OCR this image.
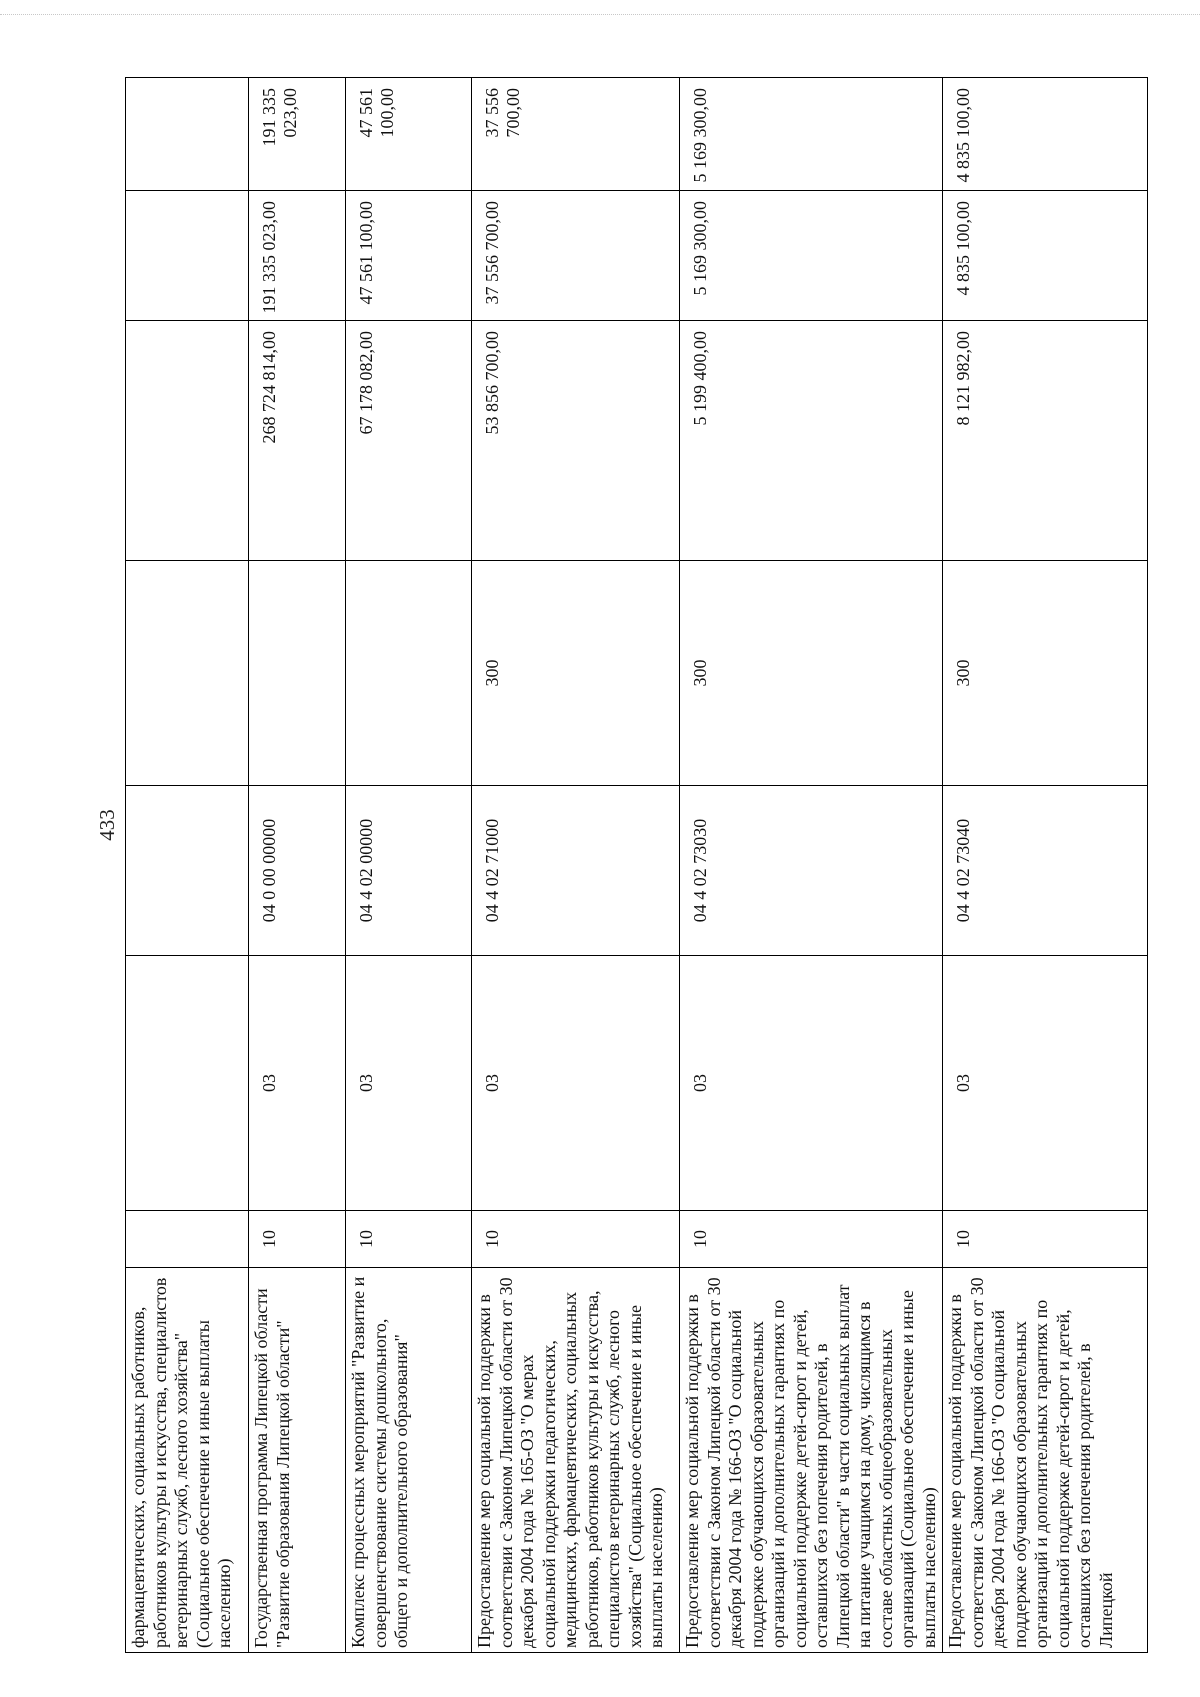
433
фармацевтических, социальных работников, работников культуры и искусства, специалистов ветеринарных служб, лесного хозяйства" (Социальное обеспечение и иные выплаты населению)							
Государственная программа Липецкой области "Развитие образования Липецкой области"	10	03	04 0 00 00000		268 724 814,00	191 335 023,00	191 335 023,00
Комплекс процессных мероприятий "Развитие и совершенствование системы дошкольного, общего и дополнительного образования"	10	03	04 4 02 00000		67 178 082,00	47 561 100,00	47 561 100,00
Предоставление мер социальной поддержки в соответствии с Законом Липецкой области от 30 декабря 2004 года № 165-ОЗ "О мерах социальной поддержки педагогических, медицинских, фармацевтических, социальных работников, работников культуры и искусства, специалистов ветеринарных служб, лесного хозяйства" (Социальное обеспечение и иные выплаты населению)	10	03	04 4 02 71000	300	53 856 700,00	37 556 700,00	37 556 700,00
Предоставление мер социальной поддержки в соответствии с Законом Липецкой области от 30 декабря 2004 года № 166-ОЗ "О социальной поддержке обучающихся образовательных организаций и дополнительных гарантиях по социальной поддержке детей-сирот и детей, оставшихся без попечения родителей, в Липецкой области" в части социальных выплат на питание учащимся на дому, числящимся в составе областных общеобразовательных организаций (Социальное обеспечение и иные выплаты населению)	10	03	04 4 02 73030	300	5 199 400,00	5 169 300,00	5 169 300,00
Предоставление мер социальной поддержки в соответствии с Законом Липецкой области от 30 декабря 2004 года № 166-ОЗ "О социальной поддержке обучающихся образовательных организаций и дополнительных гарантиях по социальной поддержке детей-сирот и детей, оставшихся без попечения родителей, в Липецкой	10	03	04 4 02 73040	300	8 121 982,00	4 835 100,00	4 835 100,00
